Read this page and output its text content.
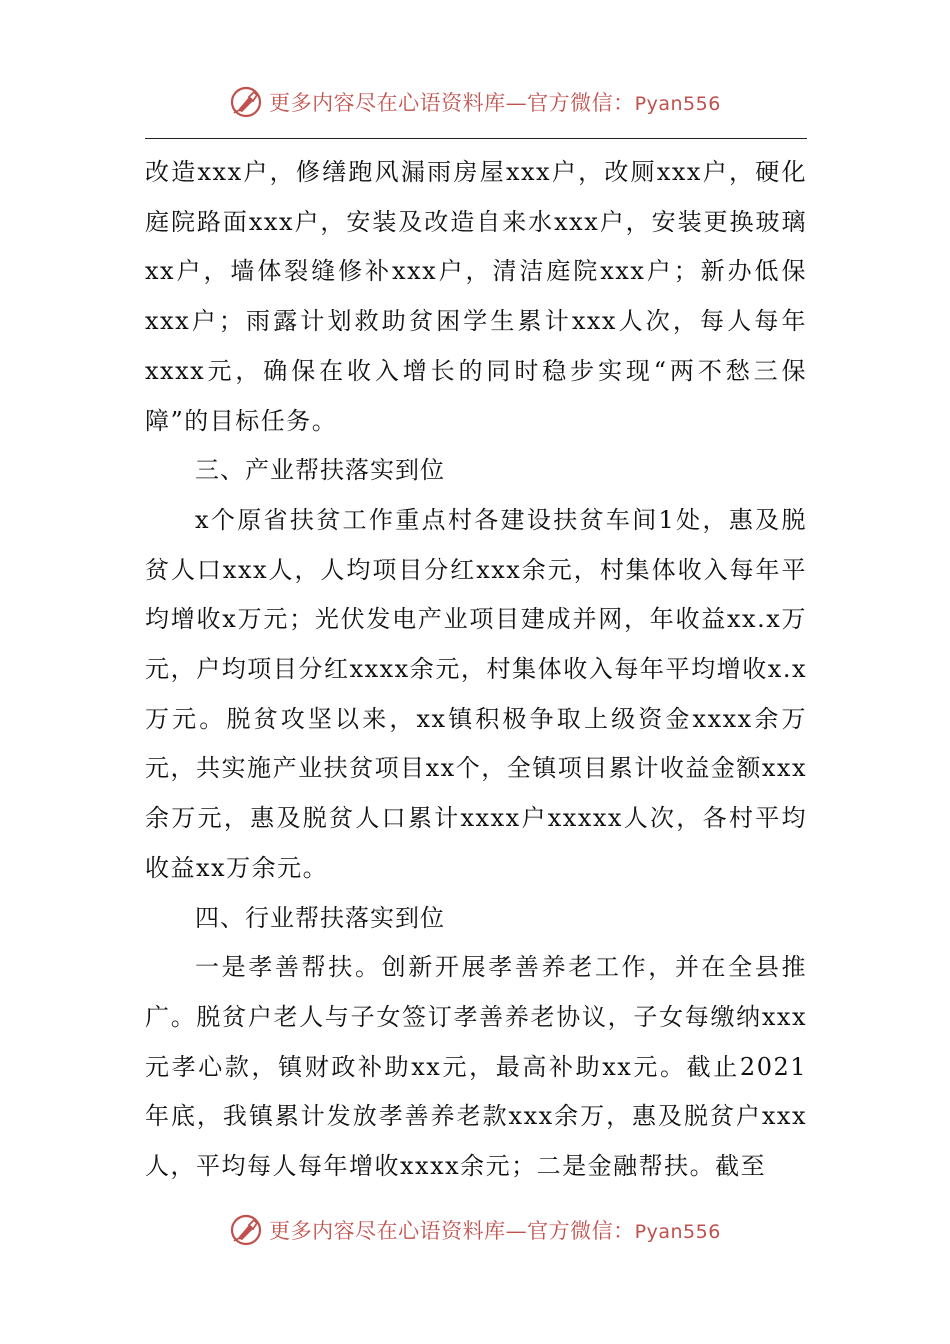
更多内容尽在心语资料库—官方微信：Pyan556

改造xxx户，修缮跑风漏雨房屋xxx户，改厕xxx户，硬化庭院路面xxx户，安装及改造自来水xxx户，安装更换玻璃xx户，墙体裂缝修补xxx户，清洁庭院xxx户；新办低保xxx户；雨露计划救助贫困学生累计xxx人次，每人每年xxxx元，确保在收入增长的同时稳步实现“两不愁三保障”的目标任务。

三、产业帮扶落实到位

x个原省扶贫工作重点村各建设扶贫车间1处，惠及脱贫人口xxx人，人均项目分红xxx余元，村集体收入每年平均增收x万元；光伏发电产业项目建成并网，年收益xx.x万元，户均项目分红xxxx余元，村集体收入每年平均增收x.x万元。脱贫攻坚以来，xx镇积极争取上级资金xxxx余万元，共实施产业扶贫项目xx个，全镇项目累计收益金额xxx余万元，惠及脱贫人口累计xxxx户xxxxx人次，各村平均收益xx万余元。

四、行业帮扶落实到位

一是孝善帮扶。创新开展孝善养老工作，并在全县推广。脱贫户老人与子女签订孝善养老协议，子女每缴纳xxx元孝心款，镇财政补助xx元，最高补助xx元。截止2021年底，我镇累计发放孝善养老款xxx余万，惠及脱贫户xxx人，平均每人每年增收xxxx余元；二是金融帮扶。截至

更多内容尽在心语资料库—官方微信：Pyan556
